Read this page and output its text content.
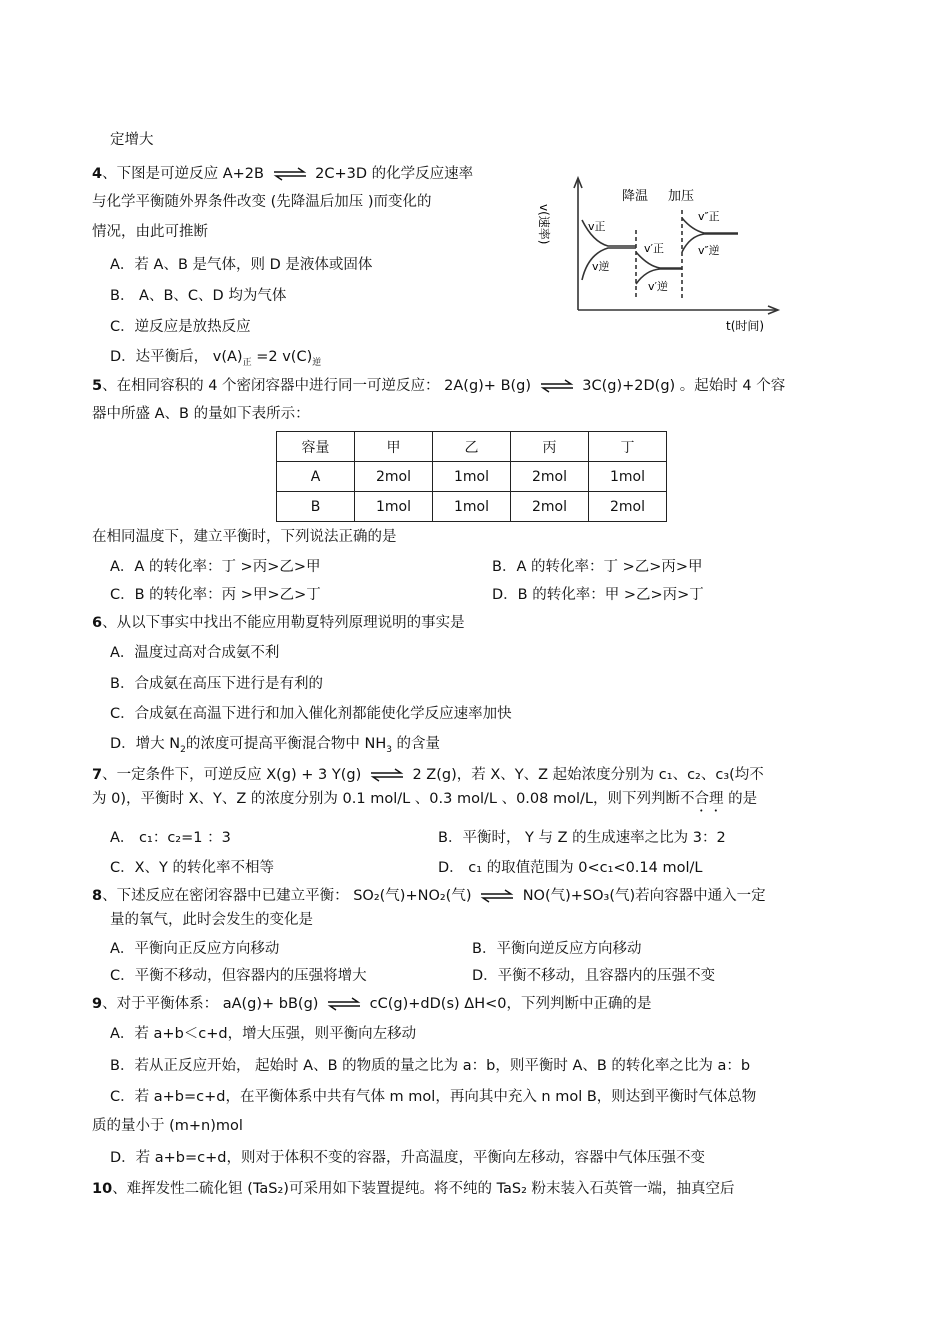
定增大
4、下图是可逆反应 A+2B ⇌ 2C+3D 的化学反应速率
与化学平衡随外界条件改变 (先降温后加压 )而变化的
情况，由此可推断
A．若 A、B 是气体，则 D 是液体或固体
B． A、B、C、D 均为气体
C．逆反应是放热反应
D．达平衡后， $v(A)_正 =2$ $v(C)_逆$
v(速率)
降温 加压
v正
v逆
v′正
v′逆
v″正
v″逆
t(时间)
5、在相同容积的 4 个密闭容器中进行同一可逆反应： 2A(g)+ B(g) ⇌ 3C(g)+2D(g) 。起始时 4 个容
器中所盛 A、B 的量如下表所示：
容量	甲	乙	丙	丁
A	2mol	1mol	2mol	1mol
B	1mol	1mol	2mol	2mol
在相同温度下，建立平衡时，下列说法正确的是
A．A 的转化率：丁 >丙>乙>甲	B．A 的转化率：丁 >乙>丙>甲
C．B 的转化率：丙 >甲>乙>丁	D．B 的转化率：甲 >乙>丙>丁
6、从以下事实中找出不能应用勒夏特列原理说明的事实是
A．温度过高对合成氨不利
B．合成氨在高压下进行是有利的
C．合成氨在高温下进行和加入催化剂都能使化学反应速率加快
D．增大 $N_2$的浓度可提高平衡混合物中 $NH_3$ 的含量
7、一定条件下，可逆反应 X(g) + 3 Y(g) ⇌ 2 Z(g)，若 X、Y、Z 起始浓度分别为 c₁、c₂、c₃(均不
为 0)，平衡时 X、Y、Z 的浓度分别为 0.1 mol/L 、0.3 mol/L 、0.08 mol/L，则下列判断不合理 的是
A． c₁：c₂=1 ：3	B．平衡时， Y 与 Z 的生成速率之比为 3：2
C．X、Y 的转化率不相等	D． c₁ 的取值范围为 0<c₁<0.14 mol/L
8、下述反应在密闭容器中已建立平衡： SO₂(气)+NO₂(气) ⇌ NO(气)+SO₃(气)若向容器中通入一定
量的氧气，此时会发生的变化是
A．平衡向正反应方向移动	B．平衡向逆反应方向移动
C．平衡不移动，但容器内的压强将增大	D．平衡不移动，且容器内的压强不变
9、对于平衡体系： aA(g)+ bB(g) ⇌ cC(g)+dD(s) ΔH<0，下列判断中正确的是
A．若 a+b＜c+d，增大压强，则平衡向左移动
B．若从正反应开始， 起始时 A、B 的物质的量之比为 a：b，则平衡时 A、B 的转化率之比为 a：b
C．若 a+b=c+d，在平衡体系中共有气体 m mol，再向其中充入 n mol B，则达到平衡时气体总物
质的量小于 (m+n)mol
D．若 a+b=c+d，则对于体积不变的容器，升高温度，平衡向左移动，容器中气体压强不变
10、难挥发性二硫化钽 (TaS₂)可采用如下装置提纯。将不纯的 TaS₂ 粉末装入石英管一端，抽真空后
